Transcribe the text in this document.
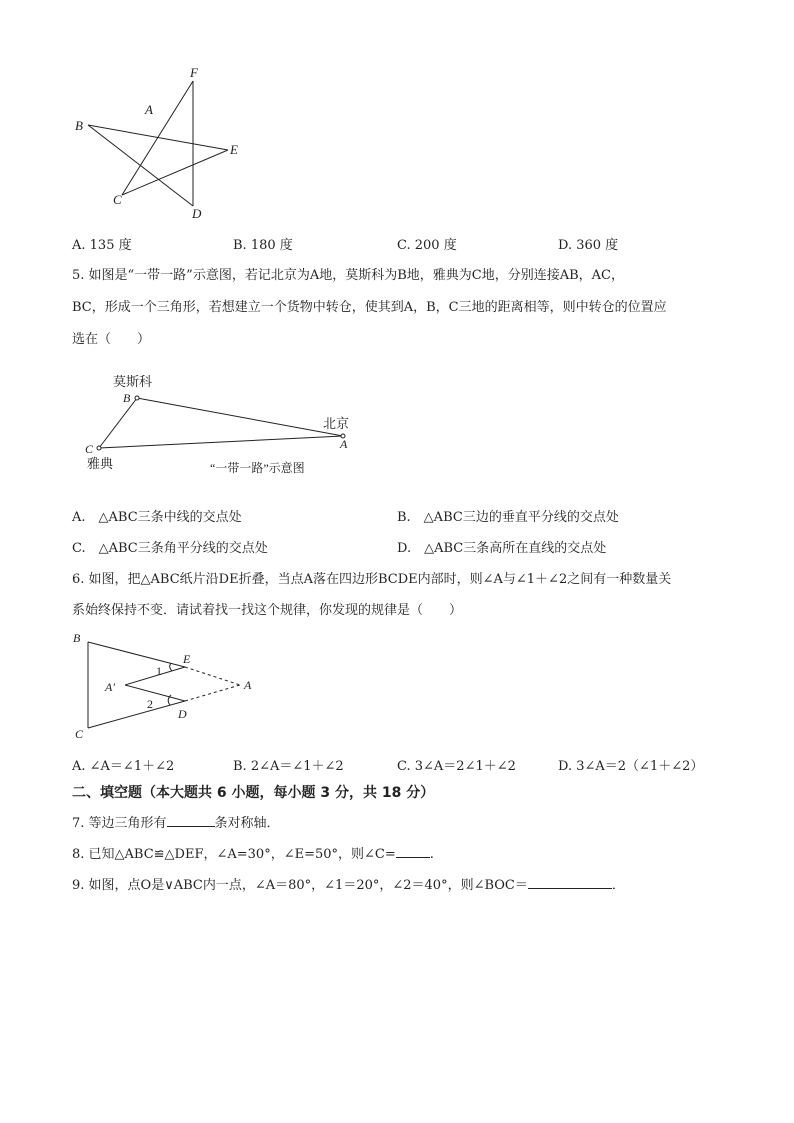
F
A
B
E
C
D
A. 135 度	B. 180 度	C. 200 度	D. 360 度
5. 如图是“一带一路”示意图，若记北京为A地，莫斯科为B地，雅典为C地，分别连接AB，AC，
BC，形成一个三角形，若想建立一个货物中转仓，使其到A，B，C三地的距离相等，则中转仓的位置应
选在（　　）
莫斯科
B
北京
A
C
雅典	“一带一路”示意图
A.　△ABC三条中线的交点处	B.　△ABC三边的垂直平分线的交点处
C.　△ABC三条角平分线的交点处	D.　△ABC三条高所在直线的交点处
6. 如图，把△ABC纸片沿DE折叠，当点A落在四边形BCDE内部时，则∠A与∠1＋∠2之间有一种数量关
系始终保持不变．请试着找一找这个规律，你发现的规律是（　　）
B
E
A′	A
C
D
1
2
A. ∠A＝∠1＋∠2	B. 2∠A＝∠1＋∠2	C. 3∠A＝2∠1＋∠2	D. 3∠A＝2（∠1＋∠2）
二、填空题（本大题共 6 小题，每小题 3 分，共 18 分）
7. 等边三角形有	条对称轴．
8. 已知△ABC≌△DEF，∠A=30°，∠E=50°，则∠C=	.
9. 如图，点O是∨ABC内一点，∠A＝80°，∠1＝20°，∠2＝40°，则∠BOC＝	．
